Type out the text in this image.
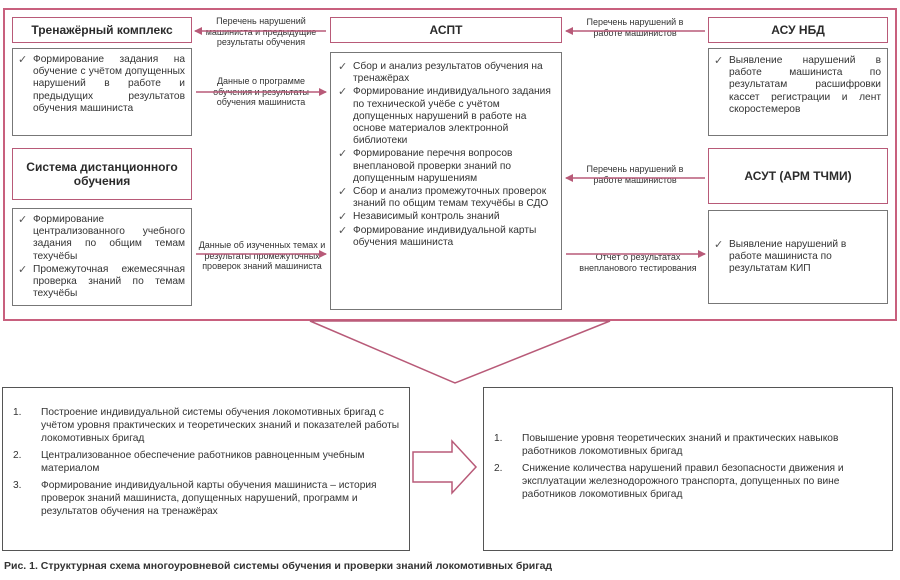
Тренажёрный комплекс
✓ Формирование задания на обучение с учётом допущенных нарушений в работе и предыдущих результатов обучения машиниста
Система дистанционного обучения
✓ Формирование централизованного учебного задания по общим темам техучёбы
✓ Промежуточная ежемесячная проверка знаний по темам техучёбы
АСПТ
✓ Сбор и анализ результатов обучения на тренажёрах
✓ Формирование индивидуального задания по технической учёбе с учётом допущенных нарушений в работе на основе материалов электронной библиотеки
✓ Формирование перечня вопросов внеплановой проверки знаний по допущенным нарушениям
✓ Сбор и анализ промежуточных проверок знаний по общим темам техучёбы в СДО
✓ Независимый контроль знаний
✓ Формирование индивидуальной карты обучения машиниста
АСУ НБД
✓ Выявление нарушений в работе машиниста по результатам расшифровки кассет регистрации и лент скоростемеров
АСУТ (АРМ ТЧМИ)
✓ Выявление нарушений в работе машиниста по результатам КИП
Перечень нарушений машиниста и предыдущие результаты обучения
Данные о программе обучения и результаты обучения машиниста
Данные об изученных темах и результаты промежуточных проверок знаний машиниста
Перечень нарушений в работе машинистов
Перечень нарушений в работе машинистов
Отчёт о результатах внепланового тестирования
1. Построение индивидуальной системы обучения локомотивных бригад с учётом уровня практических и теоретических знаний и показателей работы локомотивных бригад
2. Централизованное обеспечение работников равноценным учебным материалом
3. Формирование индивидуальной карты обучения машиниста – история проверок знаний машиниста, допущенных нарушений, программ и результатов обучения на тренажёрах
1. Повышение уровня теоретических знаний и практических навыков работников локомотивных бригад
2. Снижение количества нарушений правил безопасности движения и эксплуатации железнодорожного транспорта, допущенных по вине работников локомотивных бригад
Рис. 1. Структурная схема многоуровневой системы обучения и проверки знаний локомотивных бригад
